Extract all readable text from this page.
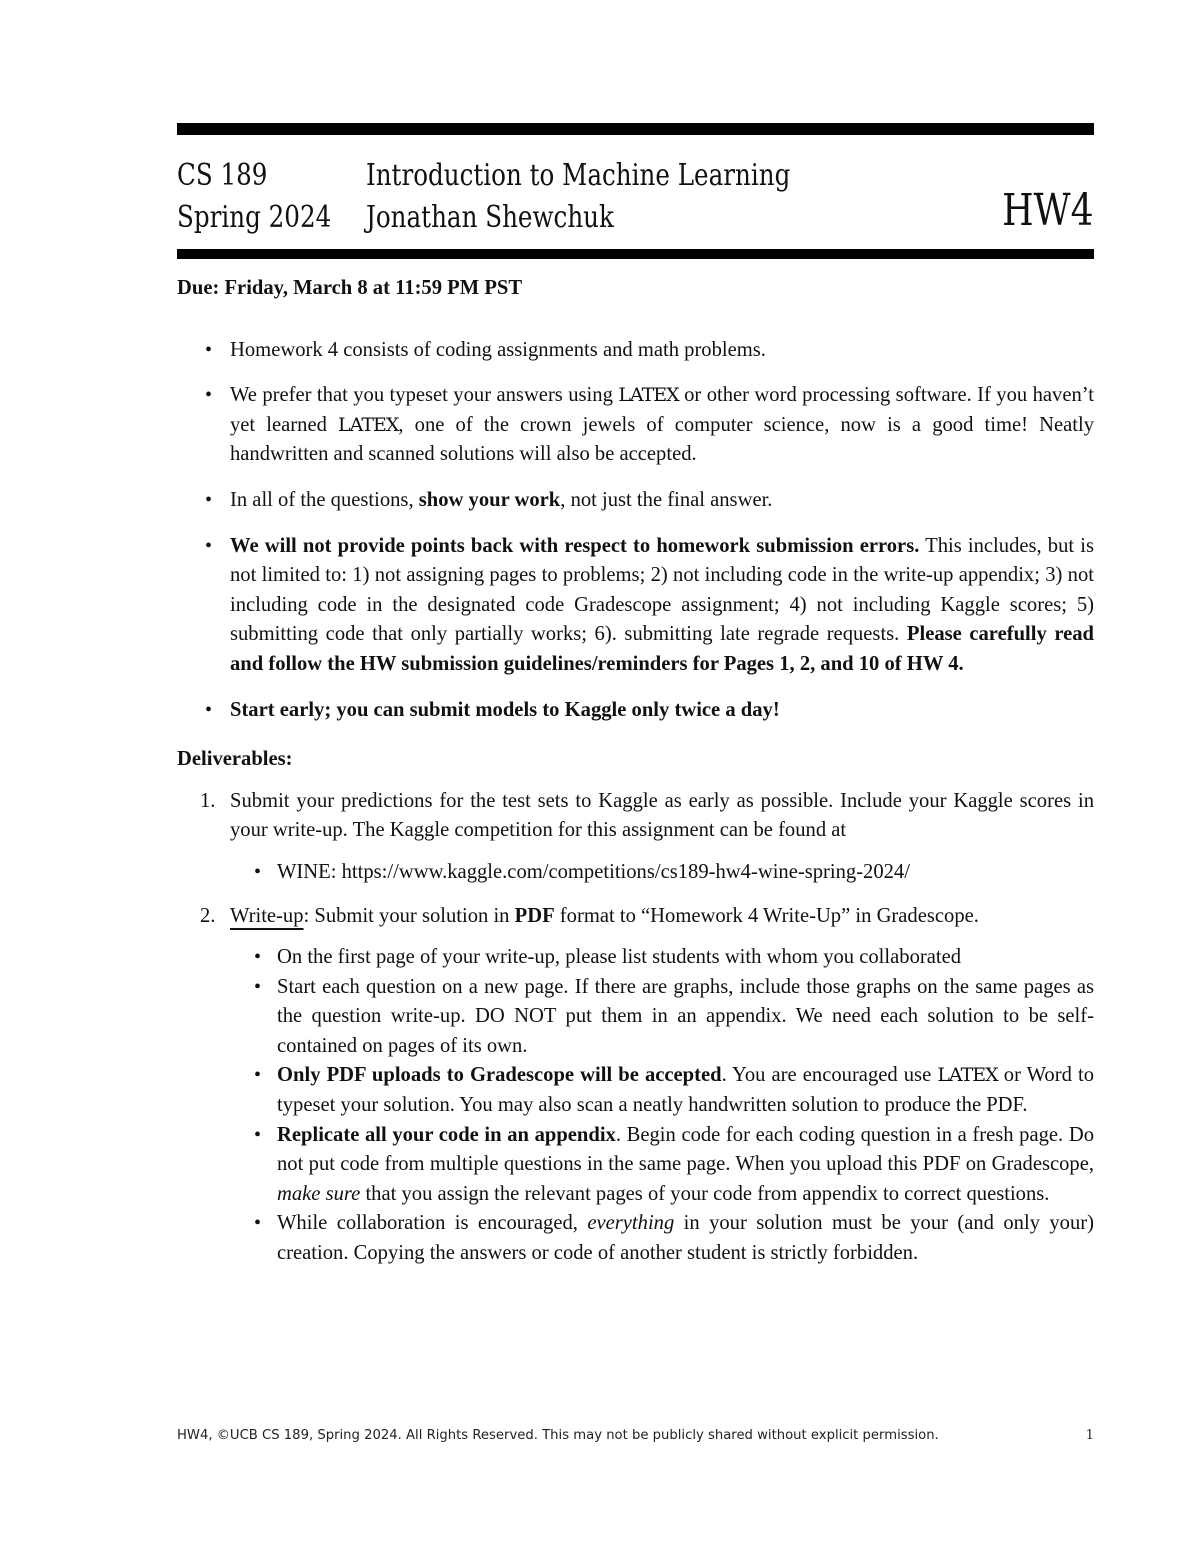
CS 189	Introduction to Machine Learning
Spring 2024 Jonathan Shewchuk	HW4

Due: Friday, March 8 at 11:59 PM PST

• Homework 4 consists of coding assignments and math problems.
• We prefer that you typeset your answers using LATEX or other word processing software. If you haven’t yet learned LATEX, one of the crown jewels of computer science, now is a good time! Neatly handwritten and scanned solutions will also be accepted.
• In all of the questions, show your work, not just the final answer.
• We will not provide points back with respect to homework submission errors. This includes, but is not limited to: 1) not assigning pages to problems; 2) not including code in the write-up appendix; 3) not including code in the designated code Gradescope assignment; 4) not including Kaggle scores; 5) submitting code that only partially works; 6). submitting late regrade requests. Please carefully read and follow the HW submission guidelines/reminders for Pages 1, 2, and 10 of HW 4.
• Start early; you can submit models to Kaggle only twice a day!

Deliverables:

1. Submit your predictions for the test sets to Kaggle as early as possible. Include your Kaggle scores in your write-up. The Kaggle competition for this assignment can be found at
• WINE: https://www.kaggle.com/competitions/cs189-hw4-wine-spring-2024/
2. Write-up: Submit your solution in PDF format to “Homework 4 Write-Up” in Gradescope.
• On the first page of your write-up, please list students with whom you collaborated
• Start each question on a new page. If there are graphs, include those graphs on the same pages as the question write-up. DO NOT put them in an appendix. We need each solution to be self-contained on pages of its own.
• Only PDF uploads to Gradescope will be accepted. You are encouraged use LATEX or Word to typeset your solution. You may also scan a neatly handwritten solution to produce the PDF.
• Replicate all your code in an appendix. Begin code for each coding question in a fresh page. Do not put code from multiple questions in the same page. When you upload this PDF on Gradescope, make sure that you assign the relevant pages of your code from appendix to correct questions.
• While collaboration is encouraged, everything in your solution must be your (and only your) creation. Copying the answers or code of another student is strictly forbidden.
HW4, ©UCB CS 189, Spring 2024. All Rights Reserved. This may not be publicly shared without explicit permission.	1
